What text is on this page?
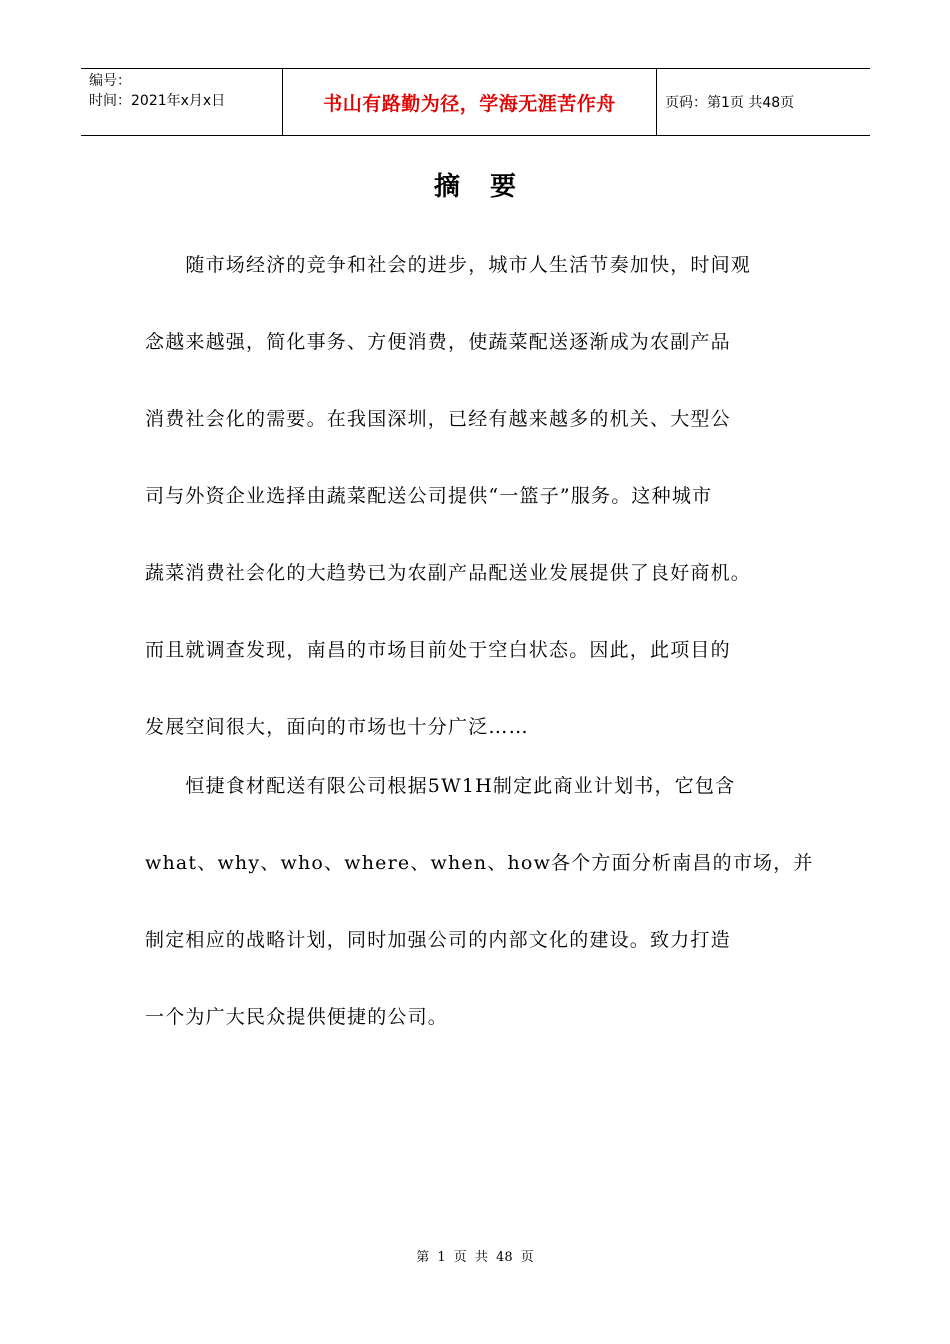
编号：
时间：2021年x月x日	书山有路勤为径，学海无涯苦作舟	页码：第1页 共48页
摘要
　　随市场经济的竞争和社会的进步，城市人生活节奏加快，时间观
念越来越强，简化事务、方便消费，使蔬菜配送逐渐成为农副产品
消费社会化的需要。在我国深圳，已经有越来越多的机关、大型公
司与外资企业选择由蔬菜配送公司提供“一篮子”服务。这种城市
蔬菜消费社会化的大趋势已为农副产品配送业发展提供了良好商机。
而且就调查发现，南昌的市场目前处于空白状态。因此，此项目的
发展空间很大，面向的市场也十分广泛……
　　恒捷食材配送有限公司根据5W1H制定此商业计划书，它包含
what、why、who、where、when、how各个方面分析南昌的市场，并
制定相应的战略计划，同时加强公司的内部文化的建设。致力打造
一个为广大民众提供便捷的公司。
第 1 页 共 48 页
